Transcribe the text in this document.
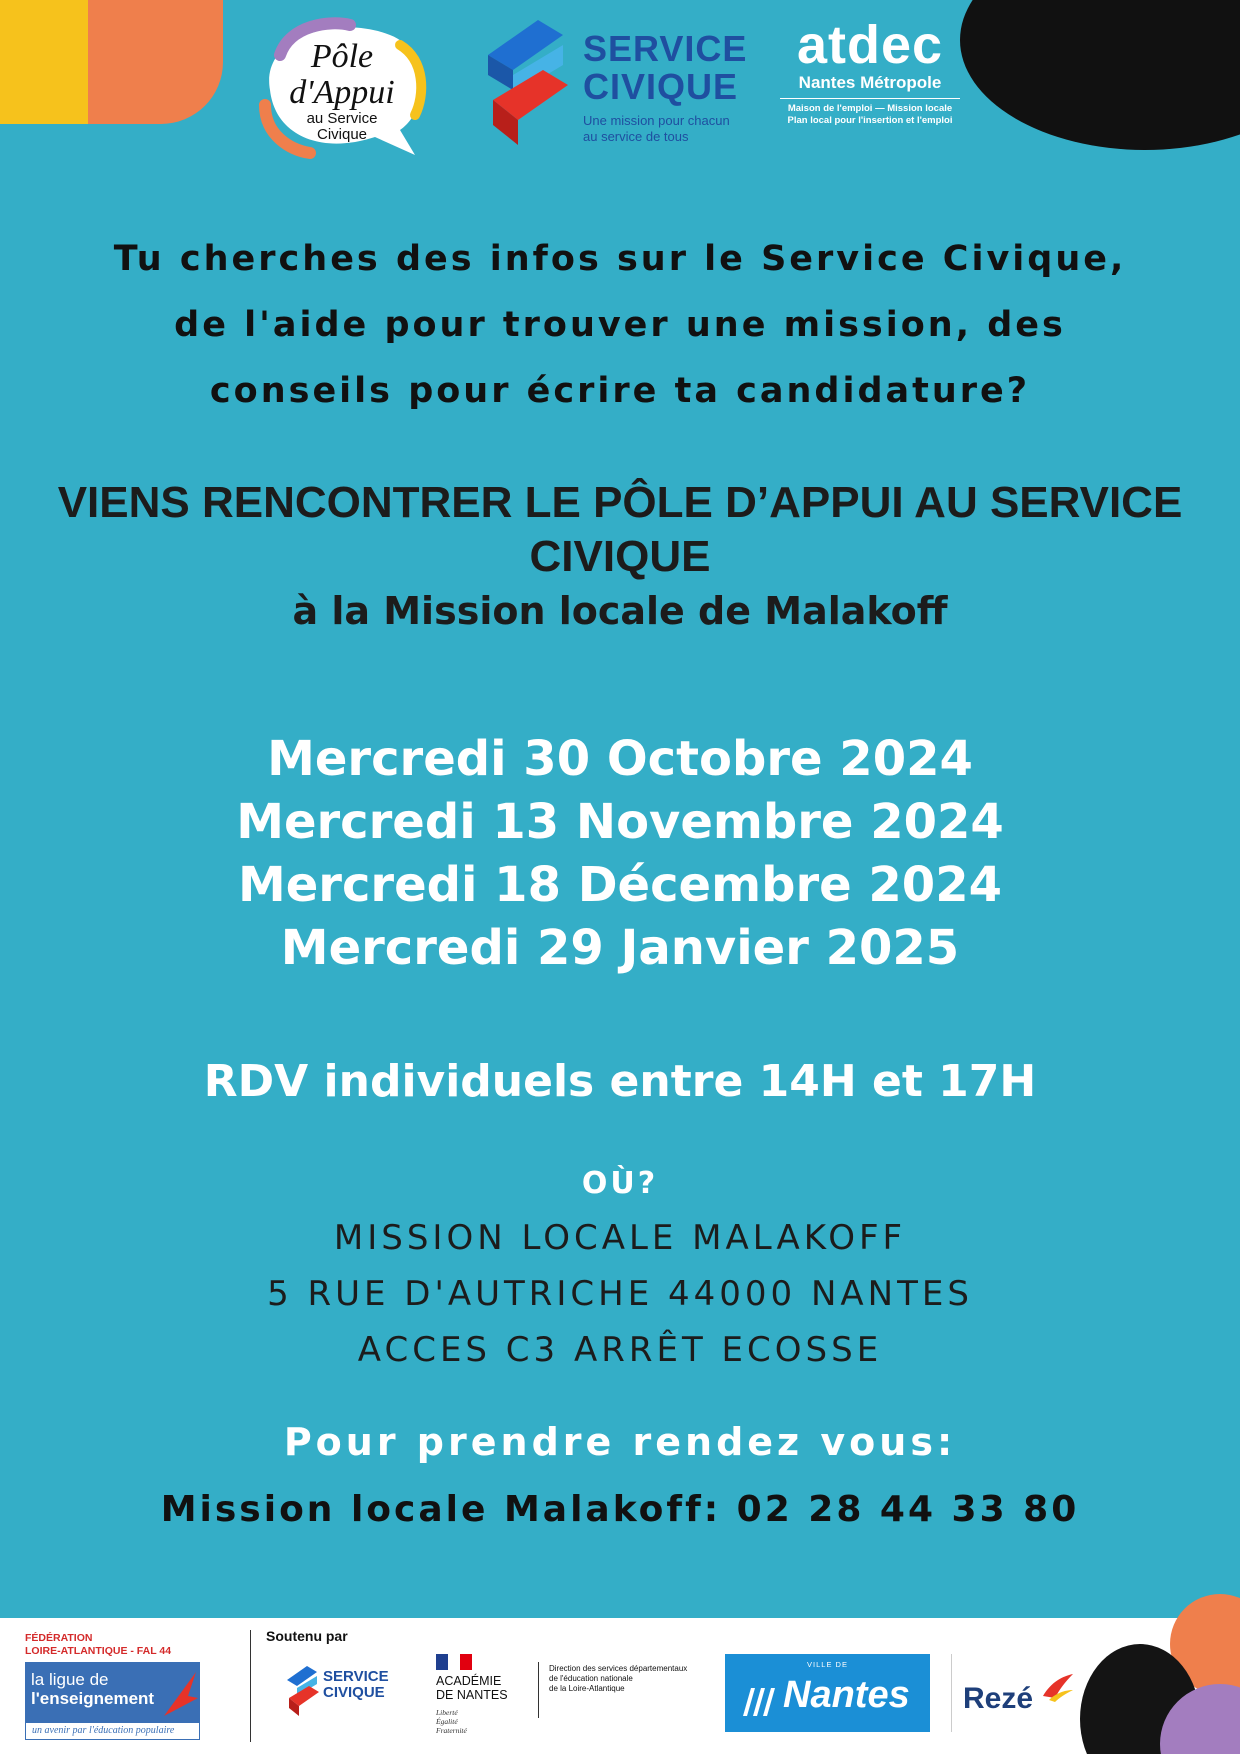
Pôle
d'Appui
au Service
Civique
SERVICE
CIVIQUE
Une mission pour chacun
au service de tous
atdec
Nantes Métropole
Maison de l'emploi — Mission locale
Plan local pour l'insertion et l'emploi
Tu cherches des infos sur le Service Civique,
de l'aide pour trouver une mission, des
conseils pour écrire ta candidature?
VIENS RENCONTRER LE PÔLE D’APPUI AU SERVICE
CIVIQUE
à la Mission locale de Malakoff
Mercredi 30 Octobre 2024
Mercredi 13 Novembre 2024
Mercredi 18 Décembre 2024
Mercredi 29 Janvier 2025
RDV individuels entre 14H et 17H
OÙ?
MISSION LOCALE MALAKOFF
5 RUE D'AUTRICHE 44000 NANTES
ACCES C3 ARRÊT ECOSSE
Pour prendre rendez vous:
Mission locale Malakoff: 02 28 44 33 80
FÉDÉRATION
LOIRE-ATLANTIQUE - FAL 44
la ligue de
l'enseignement
un avenir par l'éducation populaire
Soutenu par
SERVICE
CIVIQUE
ACADÉMIE
DE NANTES
Liberté
Égalité
Fraternité
Direction des services départementaux
de l'éducation nationale
de la Loire-Atlantique
VILLE DE
Nantes Rezé
